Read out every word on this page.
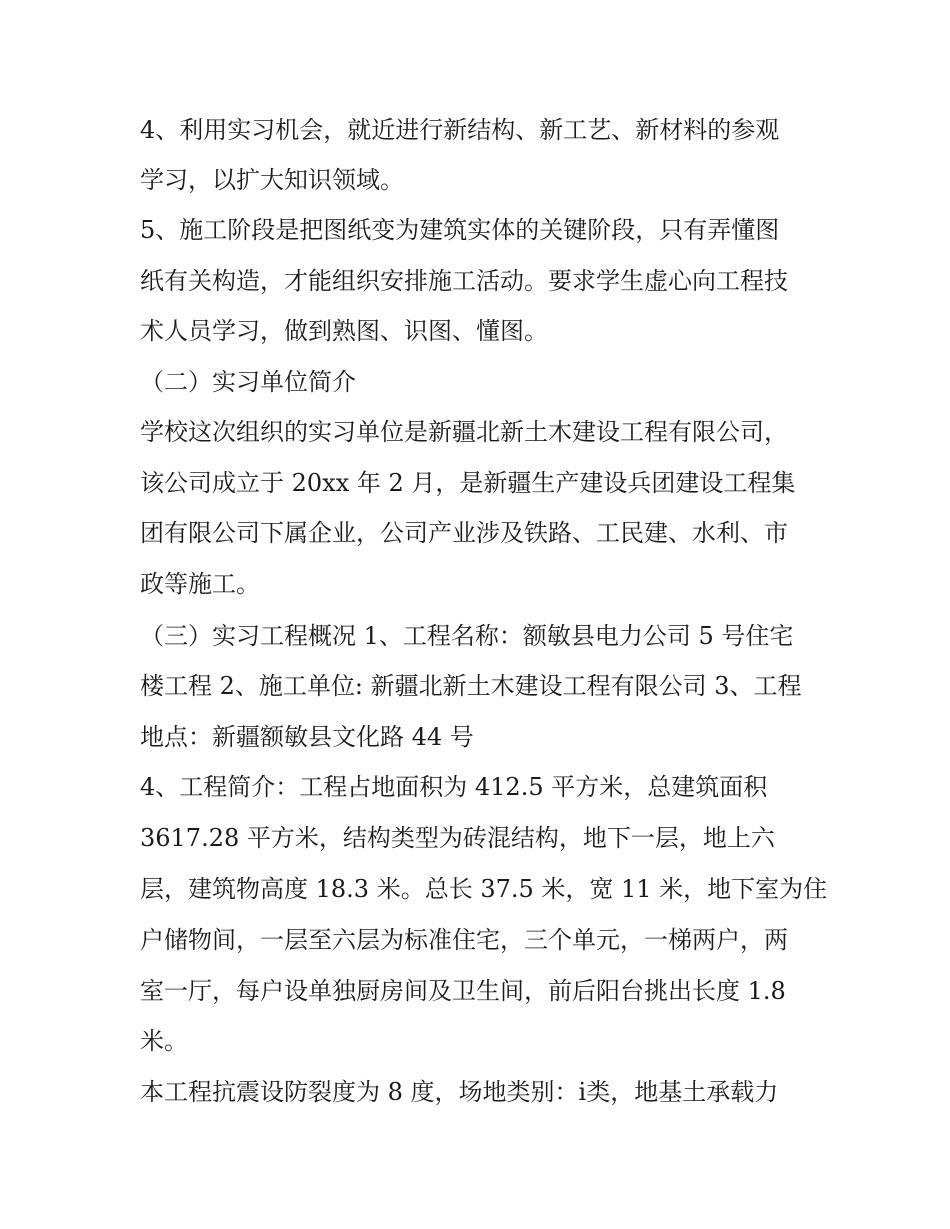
4、利用实习机会，就近进行新结构、新工艺、新材料的参观
学习，以扩大知识领域。
5、施工阶段是把图纸变为建筑实体的关键阶段，只有弄懂图
纸有关构造，才能组织安排施工活动。要求学生虚心向工程技
术人员学习，做到熟图、识图、懂图。
（二）实习单位简介
学校这次组织的实习单位是新疆北新土木建设工程有限公司，
该公司成立于 20xx 年 2 月，是新疆生产建设兵团建设工程集
团有限公司下属企业，公司产业涉及铁路、工民建、水利、市
政等施工。
（三）实习工程概况 1、工程名称：额敏县电力公司 5 号住宅
楼工程 2、施工单位: 新疆北新土木建设工程有限公司 3、工程
地点：新疆额敏县文化路 44 号
4、工程简介：工程占地面积为 412.5 平方米，总建筑面积
3617.28 平方米，结构类型为砖混结构，地下一层，地上六
层，建筑物高度 18.3 米。总长 37.5 米，宽 11 米，地下室为住
户储物间，一层至六层为标准住宅，三个单元，一梯两户，两
室一厅，每户设单独厨房间及卫生间，前后阳台挑出长度 1.8
米。
本工程抗震设防裂度为 8 度，场地类别：ⅰ类，地基土承载力
